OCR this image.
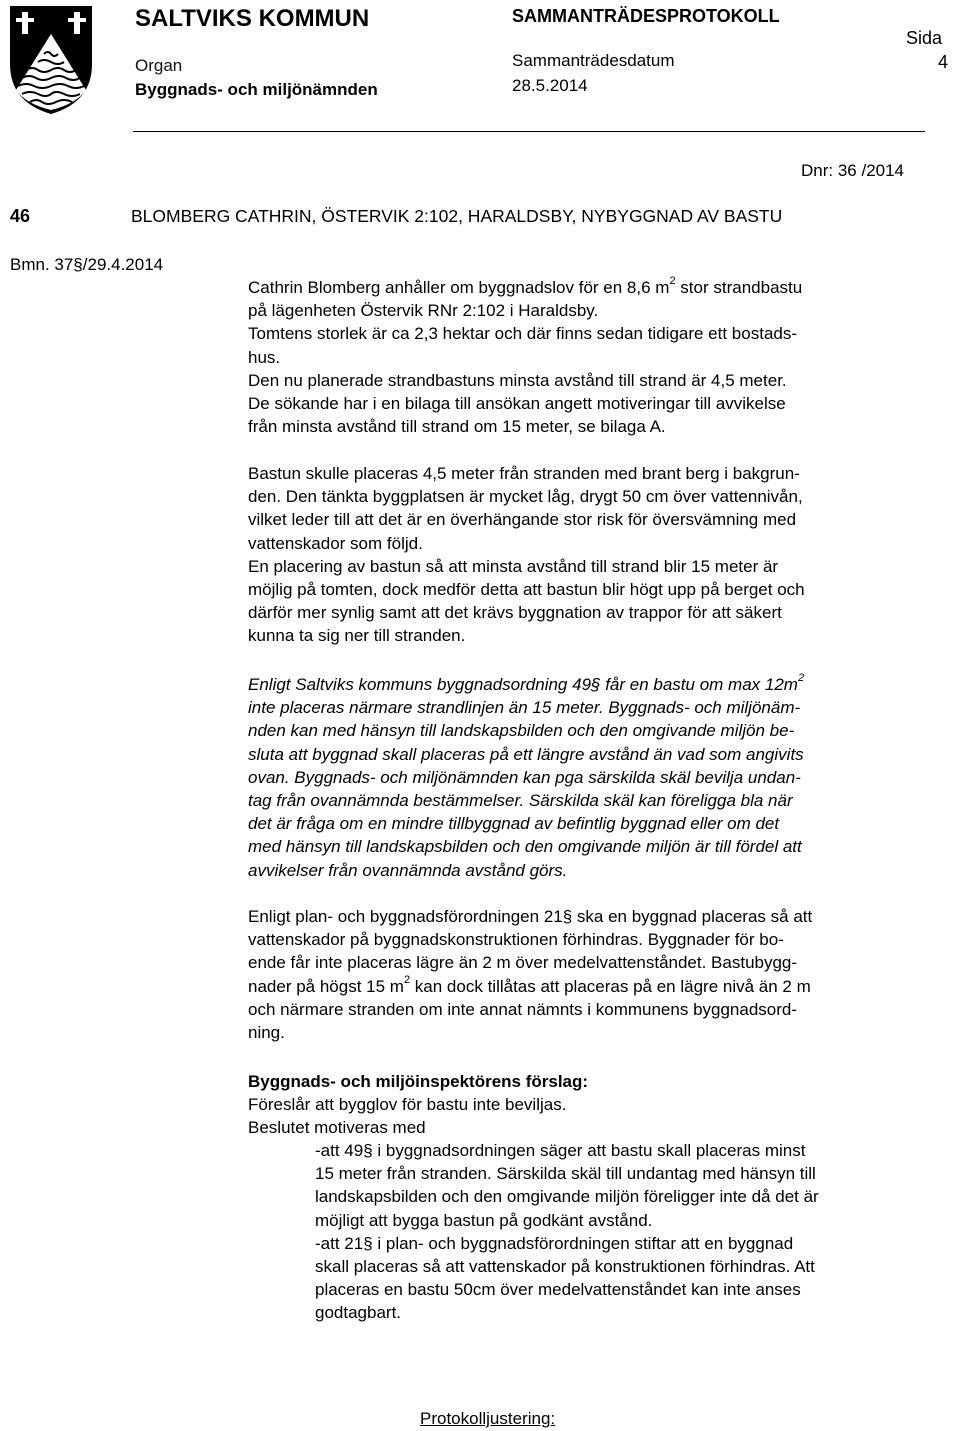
SALTVIKS KOMMUN	SAMMANTRÄDESPROTOKOLL
Sida
4
Organ
Byggnads- och miljönämnden
Sammanträdesdatum
28.5.2014
Dnr: 36 /2014
46	BLOMBERG CATHRIN, ÖSTERVIK 2:102, HARALDSBY, NYBYGGNAD AV BASTU
Bmn. 37§/29.4.2014
Cathrin Blomberg anhåller om byggnadslov för en 8,6 $m^2$ stor strandbastu
på lägenheten Östervik RNr 2:102 i Haraldsby.
Tomtens storlek är ca 2,3 hektar och där finns sedan tidigare ett bostads-
hus.
Den nu planerade strandbastuns minsta avstånd till strand är 4,5 meter.
De sökande har i en bilaga till ansökan angett motiveringar till avvikelse
från minsta avstånd till strand om 15 meter, se bilaga A.
Bastun skulle placeras 4,5 meter från stranden med brant berg i bakgrun-
den. Den tänkta byggplatsen är mycket låg, drygt 50 cm över vattennivån,
vilket leder till att det är en överhängande stor risk för översvämning med
vattenskador som följd.
En placering av bastun så att minsta avstånd till strand blir 15 meter är
möjlig på tomten, dock medför detta att bastun blir högt upp på berget och
därför mer synlig samt att det krävs byggnation av trappor för att säkert
kunna ta sig ner till stranden.
Enligt Saltviks kommuns byggnadsordning 49§ får en bastu om $\max 12m^2$
inte placeras närmare strandlinjen än 15 meter. Byggnads- och miljönäm-
nden kan med hänsyn till landskapsbilden och den omgivande miljön be-
sluta att byggnad skall placeras på ett längre avstånd än vad som angivits
ovan. Byggnads- och miljönämnden kan pga särskilda skäl bevilja undan-
tag från ovannämnda bestämmelser. Särskilda skäl kan föreligga bla när
det är fråga om en mindre tillbyggnad av befintlig byggnad eller om det
med hänsyn till landskapsbilden och den omgivande miljön är till fördel att
avvikelser från ovannämnda avstånd görs.
Enligt plan- och byggnadsförordningen 21§ ska en byggnad placeras så att
vattenskador på byggnadskonstruktionen förhindras. Byggnader för bo-
ende får inte placeras lägre än 2 m över medelvattenståndet. Bastubygg-
nader på högst 15 $m^2$ kan dock tillåtas att placeras på en lägre nivå än 2 m
och närmare stranden om inte annat nämnts i kommunens byggnadsord-
ning.
Byggnads- och miljöinspektörens förslag:
Föreslår att bygglov för bastu inte beviljas.
Beslutet motiveras med
-att 49§ i byggnadsordningen säger att bastu skall placeras minst
15 meter från stranden. Särskilda skäl till undantag med hänsyn till
landskapsbilden och den omgivande miljön föreligger inte då det är
möjligt att bygga bastun på godkänt avstånd.
-att 21§ i plan- och byggnadsförordningen stiftar att en byggnad
skall placeras så att vattenskador på konstruktionen förhindras. Att
placeras en bastu 50cm över medelvattenståndet kan inte anses
godtagbart.
Protokolljustering:
